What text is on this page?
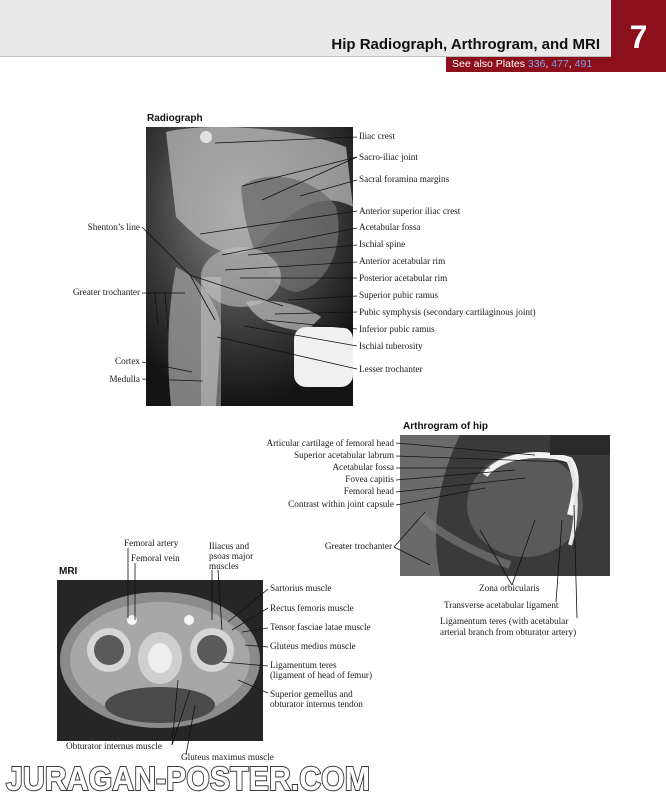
Hip Radiograph, Arthrogram, and MRI 7
See also Plates 336, 477, 491
Radiograph
Arthrogram of hip
MRI
Iliac crest
Sacro-iliac joint
Sacral foramina margins
Anterior superior iliac crest
Acetabular fossa
Ischial spine
Anterior acetabular rim
Posterior acetabular rim
Superior pubic ramus
Pubic symphysis (secondary cartilaginous joint)
Inferior pubic ramus
Ischial tuberosity
Lesser trochanter
Shenton’s line
Greater trochanter
Cortex
Medulla
Articular cartilage of femoral head
Superior acetabular labrum
Acetabular fossa
Fovea capitis
Femoral head
Contrast within joint capsule
Greater trochanter
Zona orbicularis
Transverse acetabular ligament
Ligamentum teres (with acetabular
arterial branch from obturator artery)
Femoral artery
Femoral vein
Iliacus and
psoas major
muscles
Sartorius muscle
Rectus femoris muscle
Tensor fasciae latae muscle
Gluteus medius muscle
Ligamentum teres
(ligament of head of femur)
Superior gemellus and
obturator internus tendon
Obturator internus muscle
Gluteus maximus muscle
JURAGAN-POSTER.COM
